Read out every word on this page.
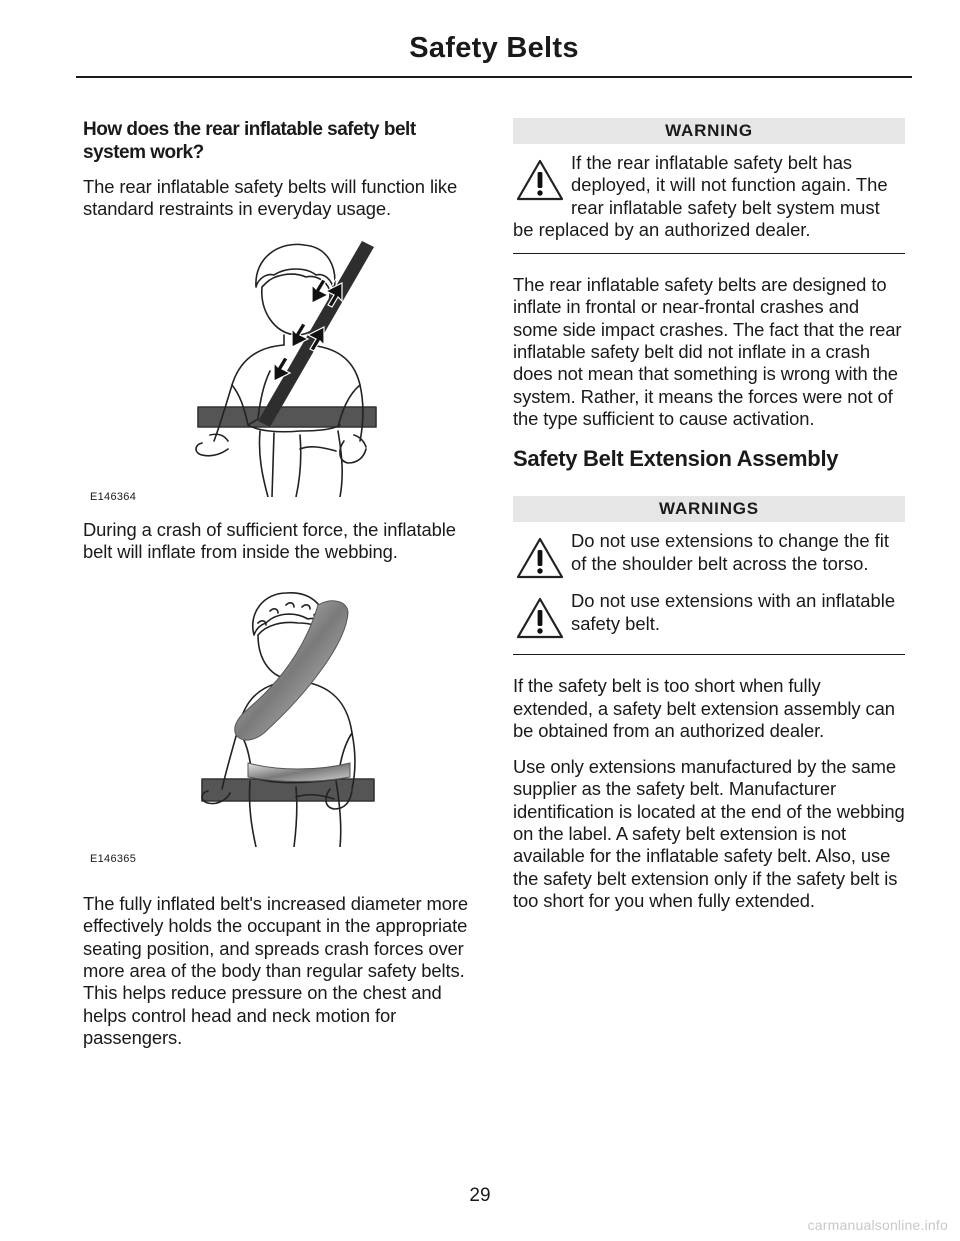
Safety Belts
How does the rear inflatable safety belt system work?
The rear inflatable safety belts will function like standard restraints in everyday usage.
E146364
During a crash of sufficient force, the inflatable belt will inflate from inside the webbing.
E146365
The fully inflated belt's increased diameter more effectively holds the occupant in the appropriate seating position, and spreads crash forces over more area of the body than regular safety belts. This helps reduce pressure on the chest and helps control head and neck motion for passengers.
WARNING
If the rear inflatable safety belt has deployed, it will not function again. The rear inflatable safety belt system must be replaced by an authorized dealer.
The rear inflatable safety belts are designed to inflate in frontal or near-frontal crashes and some side impact crashes. The fact that the rear inflatable safety belt did not inflate in a crash does not mean that something is wrong with the system. Rather, it means the forces were not of the type sufficient to cause activation.
Safety Belt Extension Assembly
WARNINGS
Do not use extensions to change the fit of the shoulder belt across the torso.
Do not use extensions with an inflatable safety belt.
If the safety belt is too short when fully extended, a safety belt extension assembly can be obtained from an authorized dealer.
Use only extensions manufactured by the same supplier as the safety belt. Manufacturer identification is located at the end of the webbing on the label. A safety belt extension is not available for the inflatable safety belt. Also, use the safety belt extension only if the safety belt is too short for you when fully extended.
29
carmanualsonline.info
